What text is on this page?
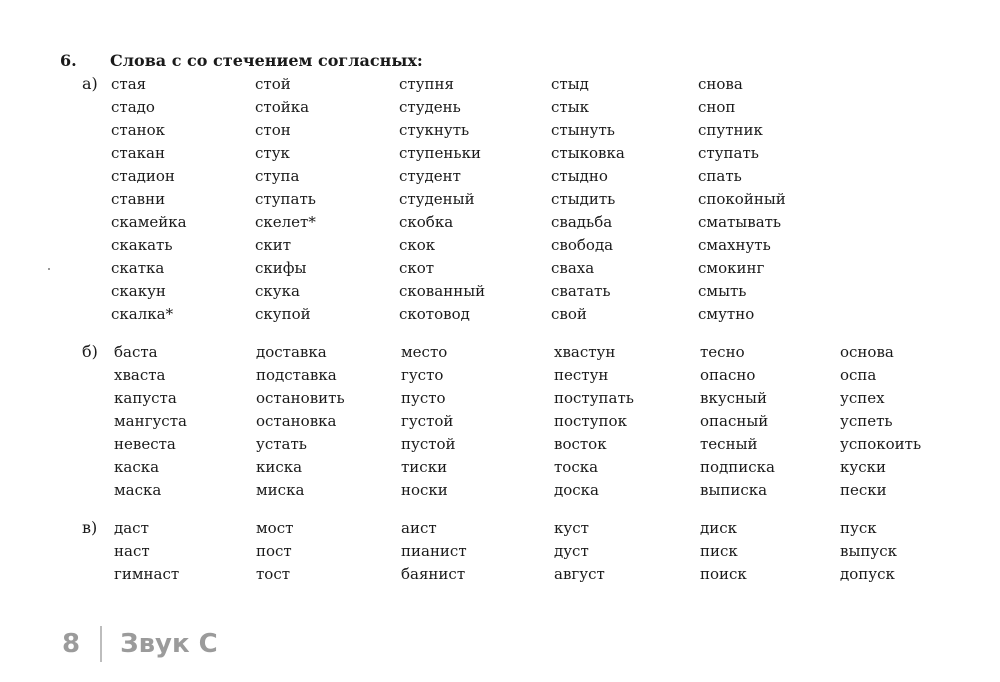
6. Слова с со стечением согласных:
а) стая
стадо
станок
стакан
стадион
ставни
скамейка
скакать
скатка
скакун
скалка*
стой
стойка
стон
стук
ступа
ступать
скелет*
скит
скифы
скука
скупой
ступня
студень
стукнуть
ступеньки
студент
студеный
скобка
скок
скот
скованный
скотовод
стыд
стык
стынуть
стыковка
стыдно
стыдить
свадьба
свобода
сваха
сватать
свой
снова
сноп
спутник
ступать
спать
спокойный
сматывать
смахнуть
смокинг
смыть
смутно
б) баста
хваста
капуста
мангуста
невеста
каска
маска
доставка
подставка
остановить
остановка
устать
киска
миска
место
густо
пусто
густой
пустой
тиски
носки
хвастун
пестун
поступать
поступок
восток
тоска
доска
тесно
опасно
вкусный
опасный
тесный
подписка
выписка
основа
оспа
успех
успеть
успокоить
куски
пески
в) даст
наст
гимнаст
мост
пост
тост
аист
пианист
баянист
куст
дуст
август
диск
писк
поиск
пуск
выпуск
допуск
8 Звук С
